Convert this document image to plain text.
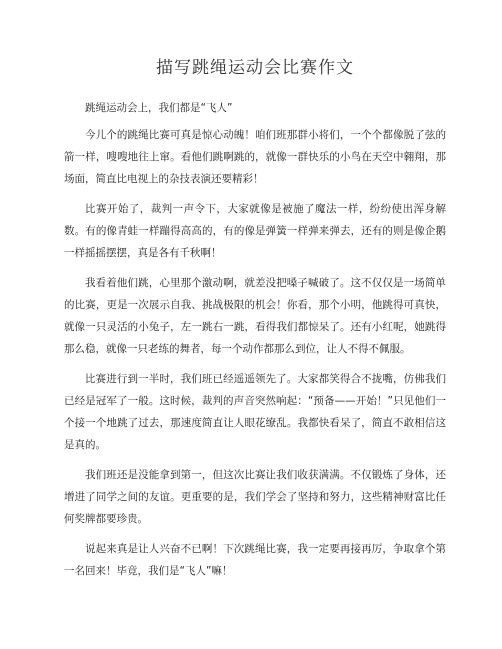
描写跳绳运动会比赛作文

跳绳运动会上，我们都是“飞人”

今儿个的跳绳比赛可真是惊心动魄！咱们班那群小将们，一个个都像脱了弦的箭一样，嗖嗖地往上窜。看他们跳啊跳的，就像一群快乐的小鸟在天空中翱翔，那场面，简直比电视上的杂技表演还要精彩！

比赛开始了，裁判一声令下，大家就像是被施了魔法一样，纷纷使出浑身解数。有的像青蛙一样蹦得高高的，有的像是弹簧一样弹来弹去，还有的则是像企鹅一样摇摇摆摆，真是各有千秋啊！

我看着他们跳，心里那个激动啊，就差没把嗓子喊破了。这不仅仅是一场简单的比赛，更是一次展示自我、挑战极限的机会！你看，那个小明，他跳得可真快，就像一只灵活的小兔子，左一跳右一跳，看得我们都惊呆了。还有小红呢，她跳得那么稳，就像一只老练的舞者，每一个动作都那么到位，让人不得不佩服。

比赛进行到一半时，我们班已经遥遥领先了。大家都笑得合不拢嘴，仿佛我们已经是冠军了一般。这时候，裁判的声音突然响起：“预备——开始！”只见他们一个接一个地跳了过去，那速度简直让人眼花缭乱。我都快看呆了，简直不敢相信这是真的。

我们班还是没能拿到第一，但这次比赛让我们收获满满。不仅锻炼了身体，还增进了同学之间的友谊。更重要的是，我们学会了坚持和努力，这些精神财富比任何奖牌都要珍贵。

说起来真是让人兴奋不已啊！下次跳绳比赛，我一定要再接再厉，争取拿个第一名回来！毕竟，我们是“飞人”嘛！
